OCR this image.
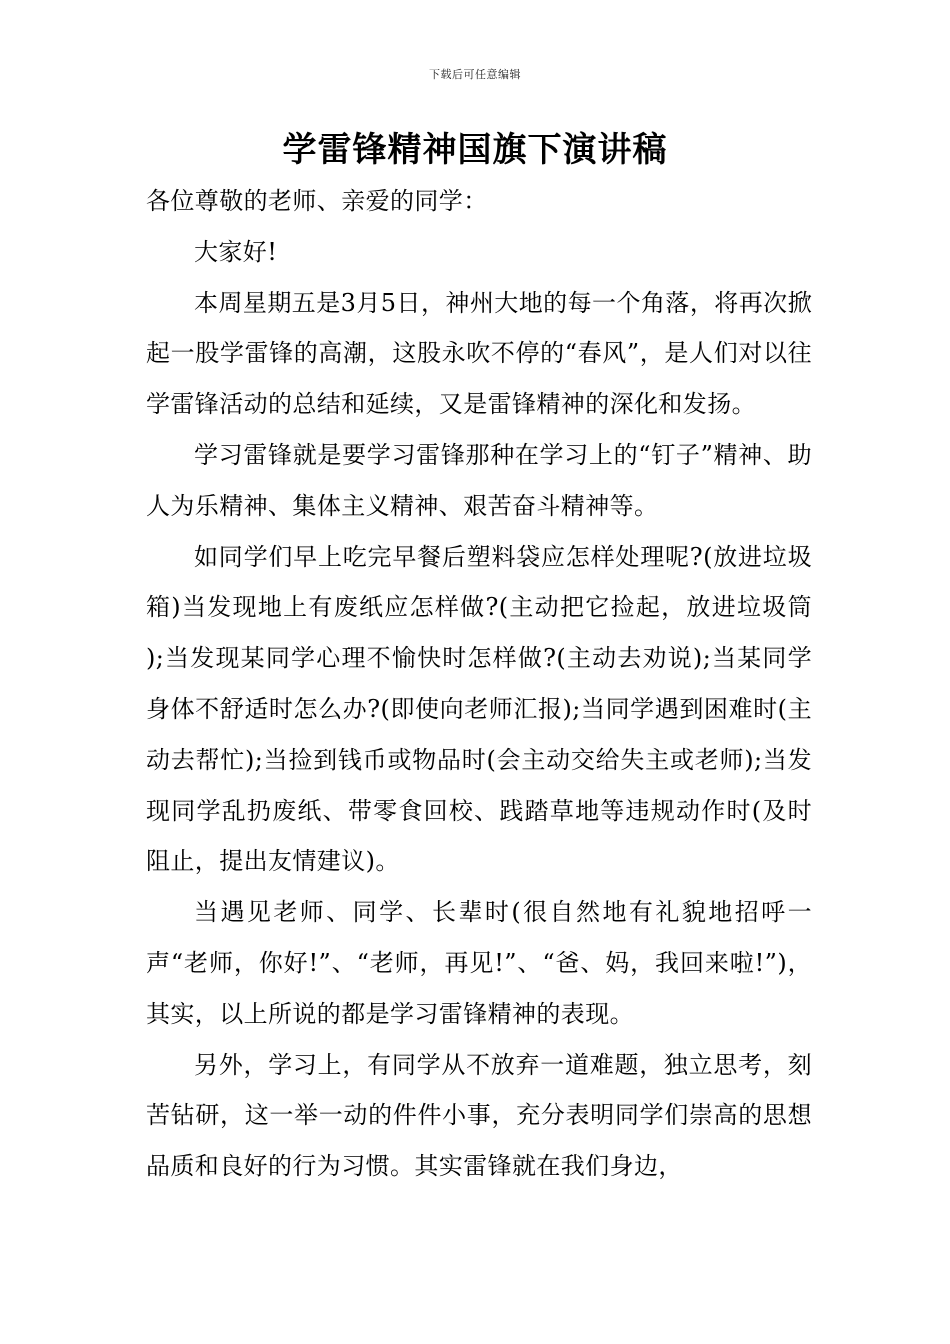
下载后可任意编辑
学雷锋精神国旗下演讲稿

各位尊敬的老师、亲爱的同学：

大家好!

本周星期五是3月5日，神州大地的每一个角落，将再次掀起一股学雷锋的高潮，这股永吹不停的“春风”，是人们对以往学雷锋活动的总结和延续，又是雷锋精神的深化和发扬。

学习雷锋就是要学习雷锋那种在学习上的“钉子”精神、助人为乐精神、集体主义精神、艰苦奋斗精神等。

如同学们早上吃完早餐后塑料袋应怎样处理呢?(放进垃圾箱)当发现地上有废纸应怎样做?(主动把它捡起，放进垃圾筒 );当发现某同学心理不愉快时怎样做?(主动去劝说);当某同学身体不舒适时怎么办?(即使向老师汇报);当同学遇到困难时(主动去帮忙);当捡到钱币或物品时(会主动交给失主或老师);当发现同学乱扔废纸、带零食回校、践踏草地等违规动作时(及时阻止，提出友情建议)。

当遇见老师、同学、长辈时(很自然地有礼貌地招呼一声“老师，你好!”、“老师，再见!”、“爸、妈，我回来啦!”)，其实，以上所说的都是学习雷锋精神的表现。

另外，学习上，有同学从不放弃一道难题，独立思考，刻苦钻研，这一举一动的件件小事，充分表明同学们崇高的思想品质和良好的行为习惯。其实雷锋就在我们身边，
